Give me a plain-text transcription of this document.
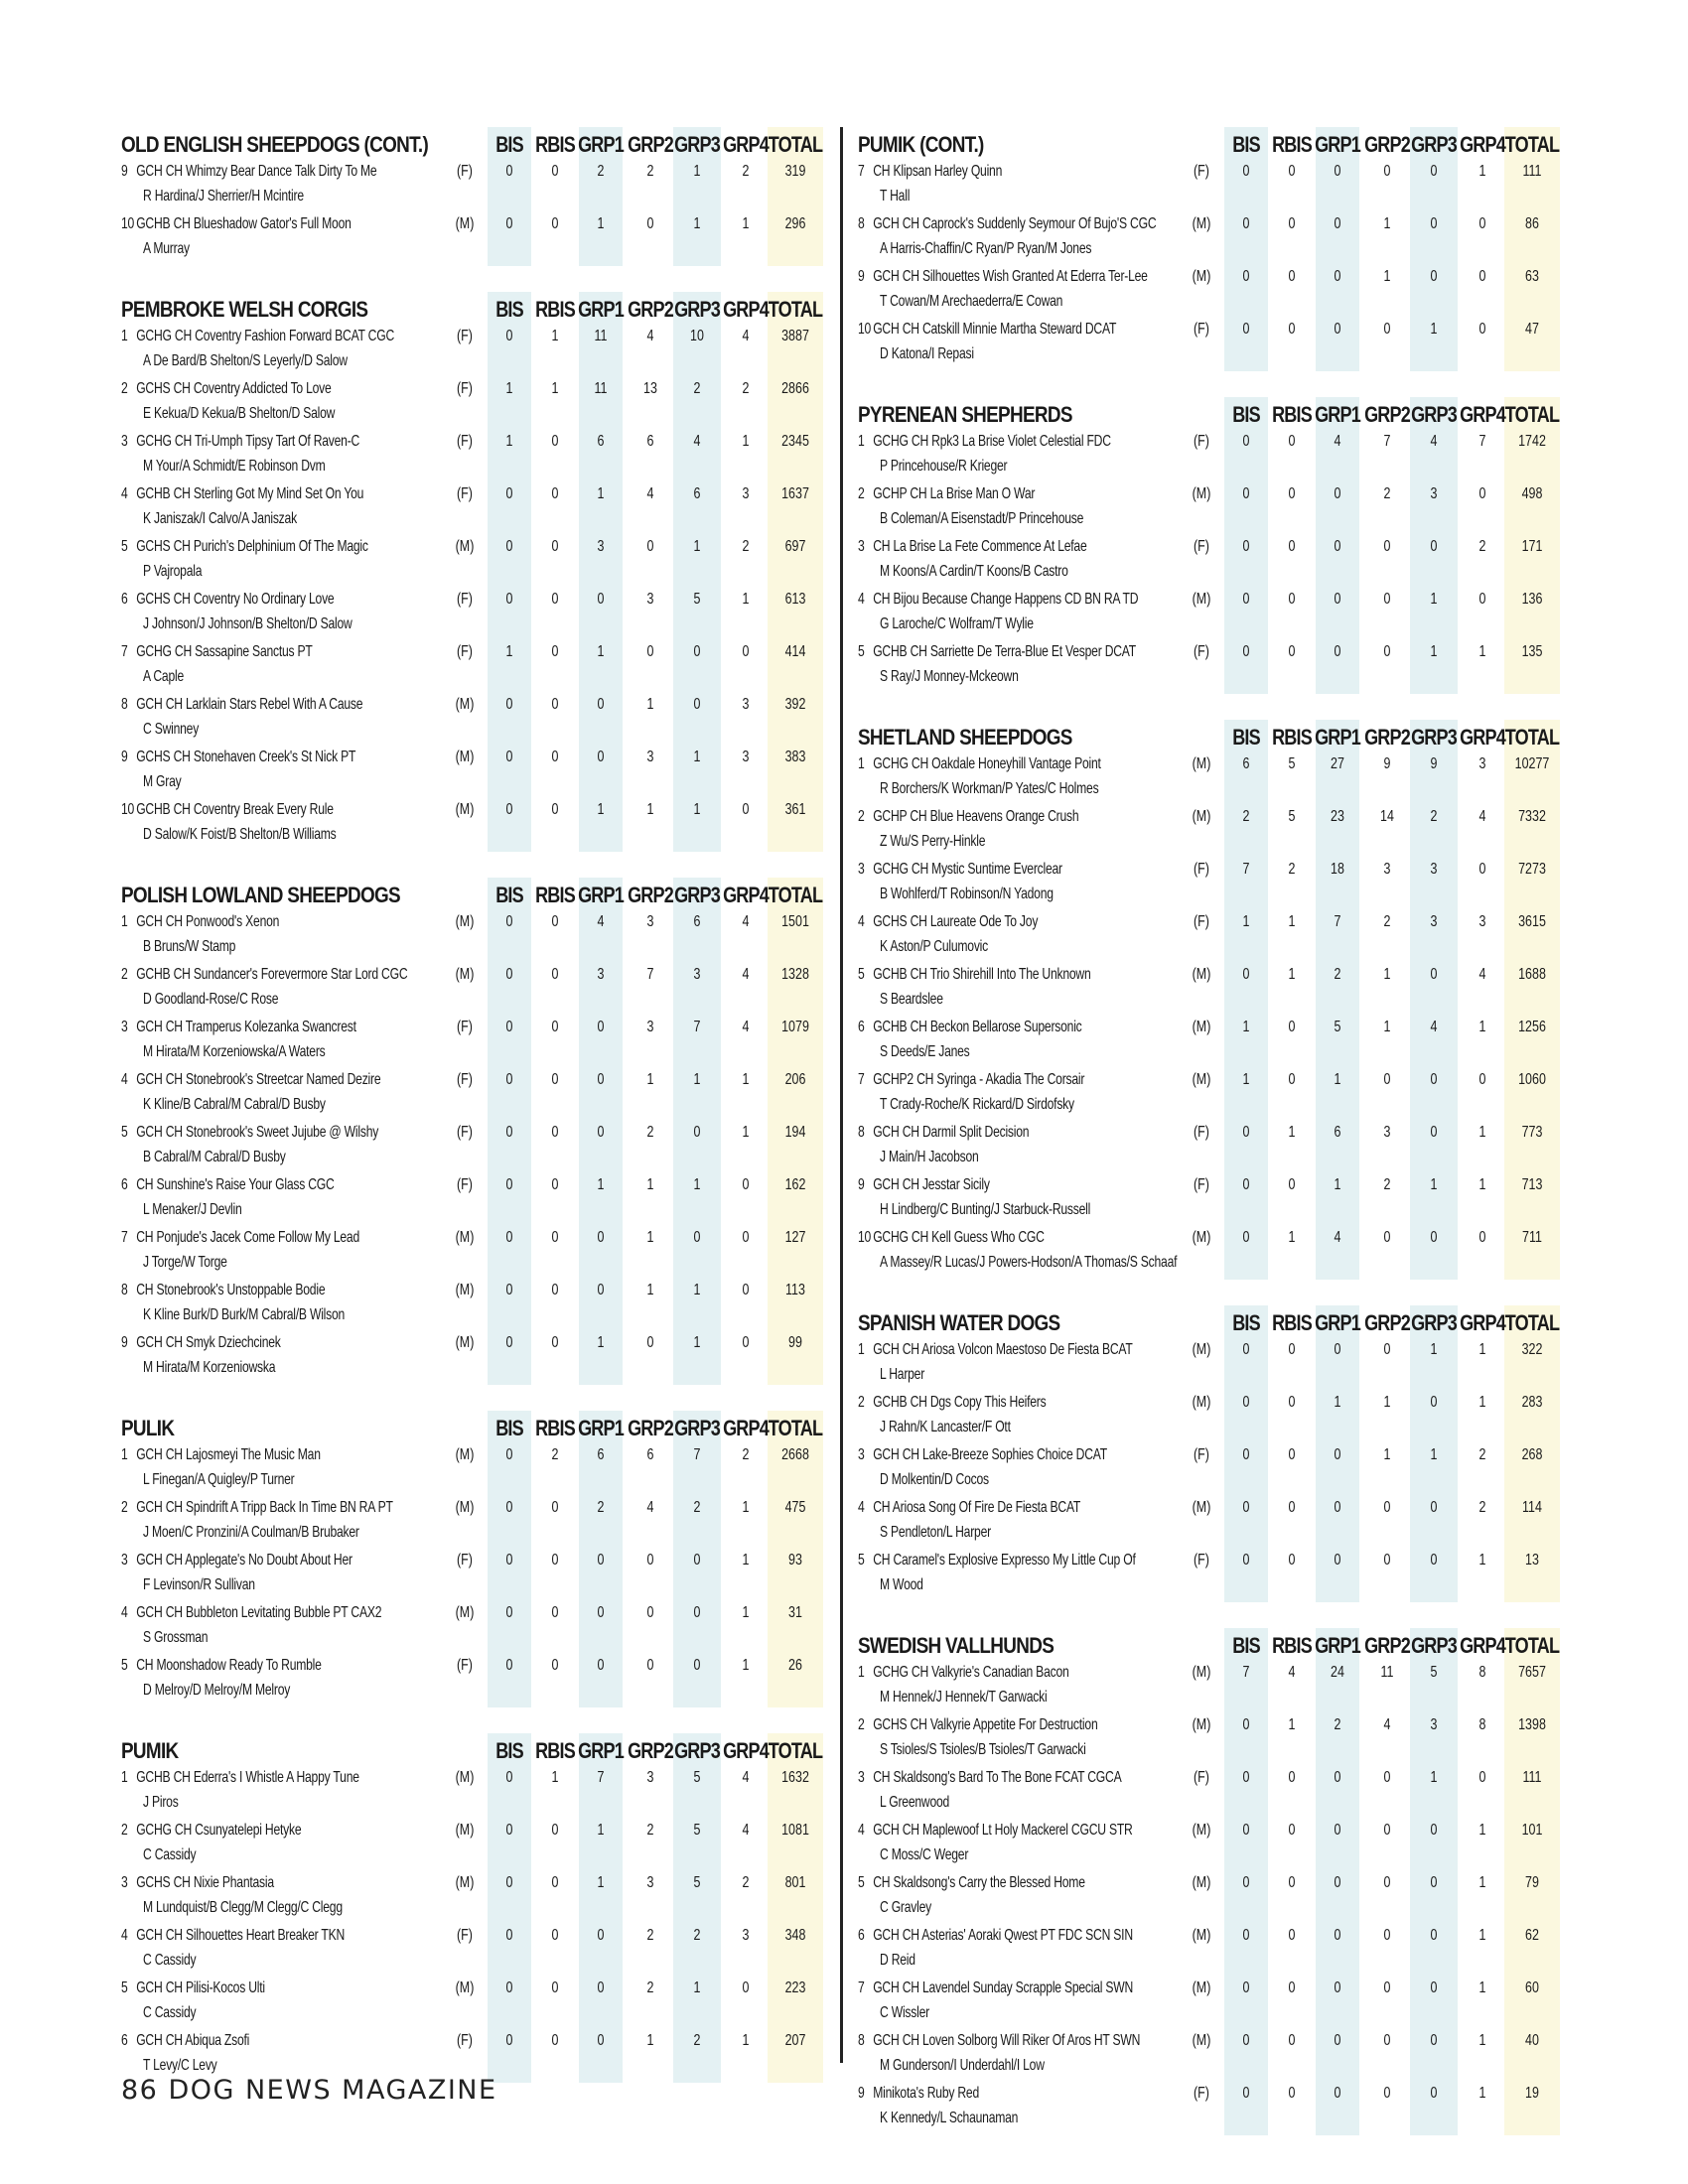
OLD ENGLISH SHEEPDOGS (CONT.)	BIS RBIS GRP1 GRP2 GRP3 GRP4 TOTAL
9 GCH CH Whimzy Bear Dance Talk Dirty To Me
R Hardina/J Sherrier/H Mcintire
(F)	0	0	2	2	1	2	319
10 GCHB CH Blueshadow Gator's Full Moon
A Murray
(M)	0	0	1	0	1	1	296
PEMBROKE WELSH CORGIS	BIS RBIS GRP1 GRP2 GRP3 GRP4 TOTAL
1 GCHG CH Coventry Fashion Forward BCAT CGC
A De Bard/B Shelton/S Leyerly/D Salow
(F)	0	1	11	4	10	4	3887
2 GCHS CH Coventry Addicted To Love
E Kekua/D Kekua/B Shelton/D Salow
(F)	1	1	11	13	2	2	2866
3 GCHG CH Tri-Umph Tipsy Tart Of Raven-C
M Your/A Schmidt/E Robinson Dvm
(F)	1	0	6	6	4	1	2345
4 GCHB CH Sterling Got My Mind Set On You
K Janiszak/I Calvo/A Janiszak
(F)	0	0	1	4	6	3	1637
5 GCHS CH Purich's Delphinium Of The Magic
P Vajropala
(M)	0	0	3	0	1	2	697
6 GCHS CH Coventry No Ordinary Love
J Johnson/J Johnson/B Shelton/D Salow
(F)	0	0	0	3	5	1	613
7 GCHG CH Sassapine Sanctus PT
A Caple
(F)	1	0	1	0	0	0	414
8 GCH CH Larklain Stars Rebel With A Cause
C Swinney
(M)	0	0	0	1	0	3	392
9 GCHS CH Stonehaven Creek's St Nick PT
M Gray
(M)	0	0	0	3	1	3	383
10 GCHB CH Coventry Break Every Rule
D Salow/K Foist/B Shelton/B Williams
(M)	0	0	1	1	1	0	361
POLISH LOWLAND SHEEPDOGS	BIS RBIS GRP1 GRP2 GRP3 GRP4 TOTAL
1 GCH CH Ponwood's Xenon
B Bruns/W Stamp
(M)	0	0	4	3	6	4	1501
2 GCHB CH Sundancer's Forevermore Star Lord CGC
D Goodland-Rose/C Rose
(M)	0	0	3	7	3	4	1328
3 GCH CH Tramperus Kolezanka Swancrest
M Hirata/M Korzeniowska/A Waters
(F)	0	0	0	3	7	4	1079
4 GCH CH Stonebrook's Streetcar Named Dezire
K Kline/B Cabral/M Cabral/D Busby
(F)	0	0	0	1	1	1	206
5 GCH CH Stonebrook's Sweet Jujube @ Wilshy
B Cabral/M Cabral/D Busby
(F)	0	0	0	2	0	1	194
6 CH Sunshine's Raise Your Glass CGC
L Menaker/J Devlin
(F)	0	0	1	1	1	0	162
7 CH Ponjude's Jacek Come Follow My Lead
J Torge/W Torge
(M)	0	0	0	1	0	0	127
8 CH Stonebrook's Unstoppable Bodie
K Kline Burk/D Burk/M Cabral/B Wilson
(M)	0	0	0	1	1	0	113
9 GCH CH Smyk Dziechcinek
M Hirata/M Korzeniowska
(M)	0	0	1	0	1	0	99
PULIK	BIS RBIS GRP1 GRP2 GRP3 GRP4 TOTAL
1 GCH CH Lajosmeyi The Music Man
L Finegan/A Quigley/P Turner
(M)	0	2	6	6	7	2	2668
2 GCH CH Spindrift A Tripp Back In Time BN RA PT
J Moen/C Pronzini/A Coulman/B Brubaker
(M)	0	0	2	4	2	1	475
3 GCH CH Applegate's No Doubt About Her
F Levinson/R Sullivan
(F)	0	0	0	0	0	1	93
4 GCH CH Bubbleton Levitating Bubble PT CAX2
S Grossman
(M)	0	0	0	0	0	1	31
5 CH Moonshadow Ready To Rumble
D Melroy/D Melroy/M Melroy
(F)	0	0	0	0	0	1	26
PUMIK	BIS RBIS GRP1 GRP2 GRP3 GRP4 TOTAL
1 GCHB CH Ederra's I Whistle A Happy Tune
J Piros
(M)	0	1	7	3	5	4	1632
2 GCHG CH Csunyatelepi Hetyke
C Cassidy
(M)	0	0	1	2	5	4	1081
3 GCHS CH Nixie Phantasia
M Lundquist/B Clegg/M Clegg/C Clegg
(M)	0	0	1	3	5	2	801
4 GCH CH Silhouettes Heart Breaker TKN
C Cassidy
(F)	0	0	0	2	2	3	348
5 GCH CH Pilisi-Kocos Ulti
C Cassidy
(M)	0	0	0	2	1	0	223
6 GCH CH Abiqua Zsofi
T Levy/C Levy
(F)	0	0	0	1	2	1	207
PUMIK (CONT.)	BIS RBIS GRP1 GRP2 GRP3 GRP4 TOTAL
7 CH Klipsan Harley Quinn
T Hall
(F)	0	0	0	0	0	1	111
8 GCH CH Caprock's Suddenly Seymour Of Bujo'S CGC
A Harris-Chaffin/C Ryan/P Ryan/M Jones
(M)	0	0	0	1	0	0	86
9 GCH CH Silhouettes Wish Granted At Ederra Ter-Lee
T Cowan/M Arechaederra/E Cowan
(M)	0	0	0	1	0	0	63
10 GCH CH Catskill Minnie Martha Steward DCAT
D Katona/I Repasi
(F)	0	0	0	0	1	0	47
PYRENEAN SHEPHERDS	BIS RBIS GRP1 GRP2 GRP3 GRP4 TOTAL
1 GCHG CH Rpk3 La Brise Violet Celestial FDC
P Princehouse/R Krieger
(F)	0	0	4	7	4	7	1742
2 GCHP CH La Brise Man O War
B Coleman/A Eisenstadt/P Princehouse
(M)	0	0	0	2	3	0	498
3 CH La Brise La Fete Commence At Lefae
M Koons/A Cardin/T Koons/B Castro
(F)	0	0	0	0	0	2	171
4 CH Bijou Because Change Happens CD BN RA TD
G Laroche/C Wolfram/T Wylie
(M)	0	0	0	0	1	0	136
5 GCHB CH Sarriette De Terra-Blue Et Vesper DCAT
S Ray/J Monney-Mckeown
(F)	0	0	0	0	1	1	135
SHETLAND SHEEPDOGS	BIS RBIS GRP1 GRP2 GRP3 GRP4 TOTAL
1 GCHG CH Oakdale Honeyhill Vantage Point
R Borchers/K Workman/P Yates/C Holmes
(M)	6	5	27	9	9	3	10277
2 GCHP CH Blue Heavens Orange Crush
Z Wu/S Perry-Hinkle
(M)	2	5	23	14	2	4	7332
3 GCHG CH Mystic Suntime Everclear
B Wohlferd/T Robinson/N Yadong
(F)	7	2	18	3	3	0	7273
4 GCHS CH Laureate Ode To Joy
K Aston/P Culumovic
(F)	1	1	7	2	3	3	3615
5 GCHB CH Trio Shirehill Into The Unknown
S Beardslee
(M)	0	1	2	1	0	4	1688
6 GCHB CH Beckon Bellarose Supersonic
S Deeds/E Janes
(M)	1	0	5	1	4	1	1256
7 GCHP2 CH Syringa - Akadia The Corsair
T Crady-Roche/K Rickard/D Sirdofsky
(M)	1	0	1	0	0	0	1060
8 GCH CH Darmil Split Decision
J Main/H Jacobson
(F)	0	1	6	3	0	1	773
9 GCH CH Jesstar Sicily
H Lindberg/C Bunting/J Starbuck-Russell
(F)	0	0	1	2	1	1	713
10 GCHG CH Kell Guess Who CGC
A Massey/R Lucas/J Powers-Hodson/A Thomas/S Schaaf
(M)	0	1	4	0	0	0	711
SPANISH WATER DOGS	BIS RBIS GRP1 GRP2 GRP3 GRP4 TOTAL
1 GCH CH Ariosa Volcon Maestoso De Fiesta BCAT
L Harper
(M)	0	0	0	0	1	1	322
2 GCHB CH Dgs Copy This Heifers
J Rahn/K Lancaster/F Ott
(M)	0	0	1	1	0	1	283
3 GCH CH Lake-Breeze Sophies Choice DCAT
D Molkentin/D Cocos
(F)	0	0	0	1	1	2	268
4 CH Ariosa Song Of Fire De Fiesta BCAT
S Pendleton/L Harper
(M)	0	0	0	0	0	2	114
5 CH Caramel's Explosive Expresso My Little Cup Of
M Wood
(F)	0	0	0	0	0	1	13
SWEDISH VALLHUNDS	BIS RBIS GRP1 GRP2 GRP3 GRP4 TOTAL
1 GCHG CH Valkyrie's Canadian Bacon
M Hennek/J Hennek/T Garwacki
(M)	7	4	24	11	5	8	7657
2 GCHS CH Valkyrie Appetite For Destruction
S Tsioles/S Tsioles/B Tsioles/T Garwacki
(M)	0	1	2	4	3	8	1398
3 CH Skaldsong's Bard To The Bone FCAT CGCA
L Greenwood
(F)	0	0	0	0	1	0	111
4 GCH CH Maplewoof Lt Holy Mackerel CGCU STR
C Moss/C Weger
(M)	0	0	0	0	0	1	101
5 CH Skaldsong's Carry the Blessed Home
C Gravley
(M)	0	0	0	0	0	1	79
6 GCH CH Asterias' Aoraki Qwest PT FDC SCN SIN
D Reid
(M)	0	0	0	0	0	1	62
7 GCH CH Lavendel Sunday Scrapple Special SWN
C Wissler
(M)	0	0	0	0	0	1	60
8 GCH CH Loven Solborg Will Riker Of Aros HT SWN
M Gunderson/I Underdahl/I Low
(M)	0	0	0	0	0	1	40
9 Minikota's Ruby Red
K Kennedy/L Schaunaman
(F)	0	0	0	0	0	1	19
86 DOG NEWS MAGAZINE
